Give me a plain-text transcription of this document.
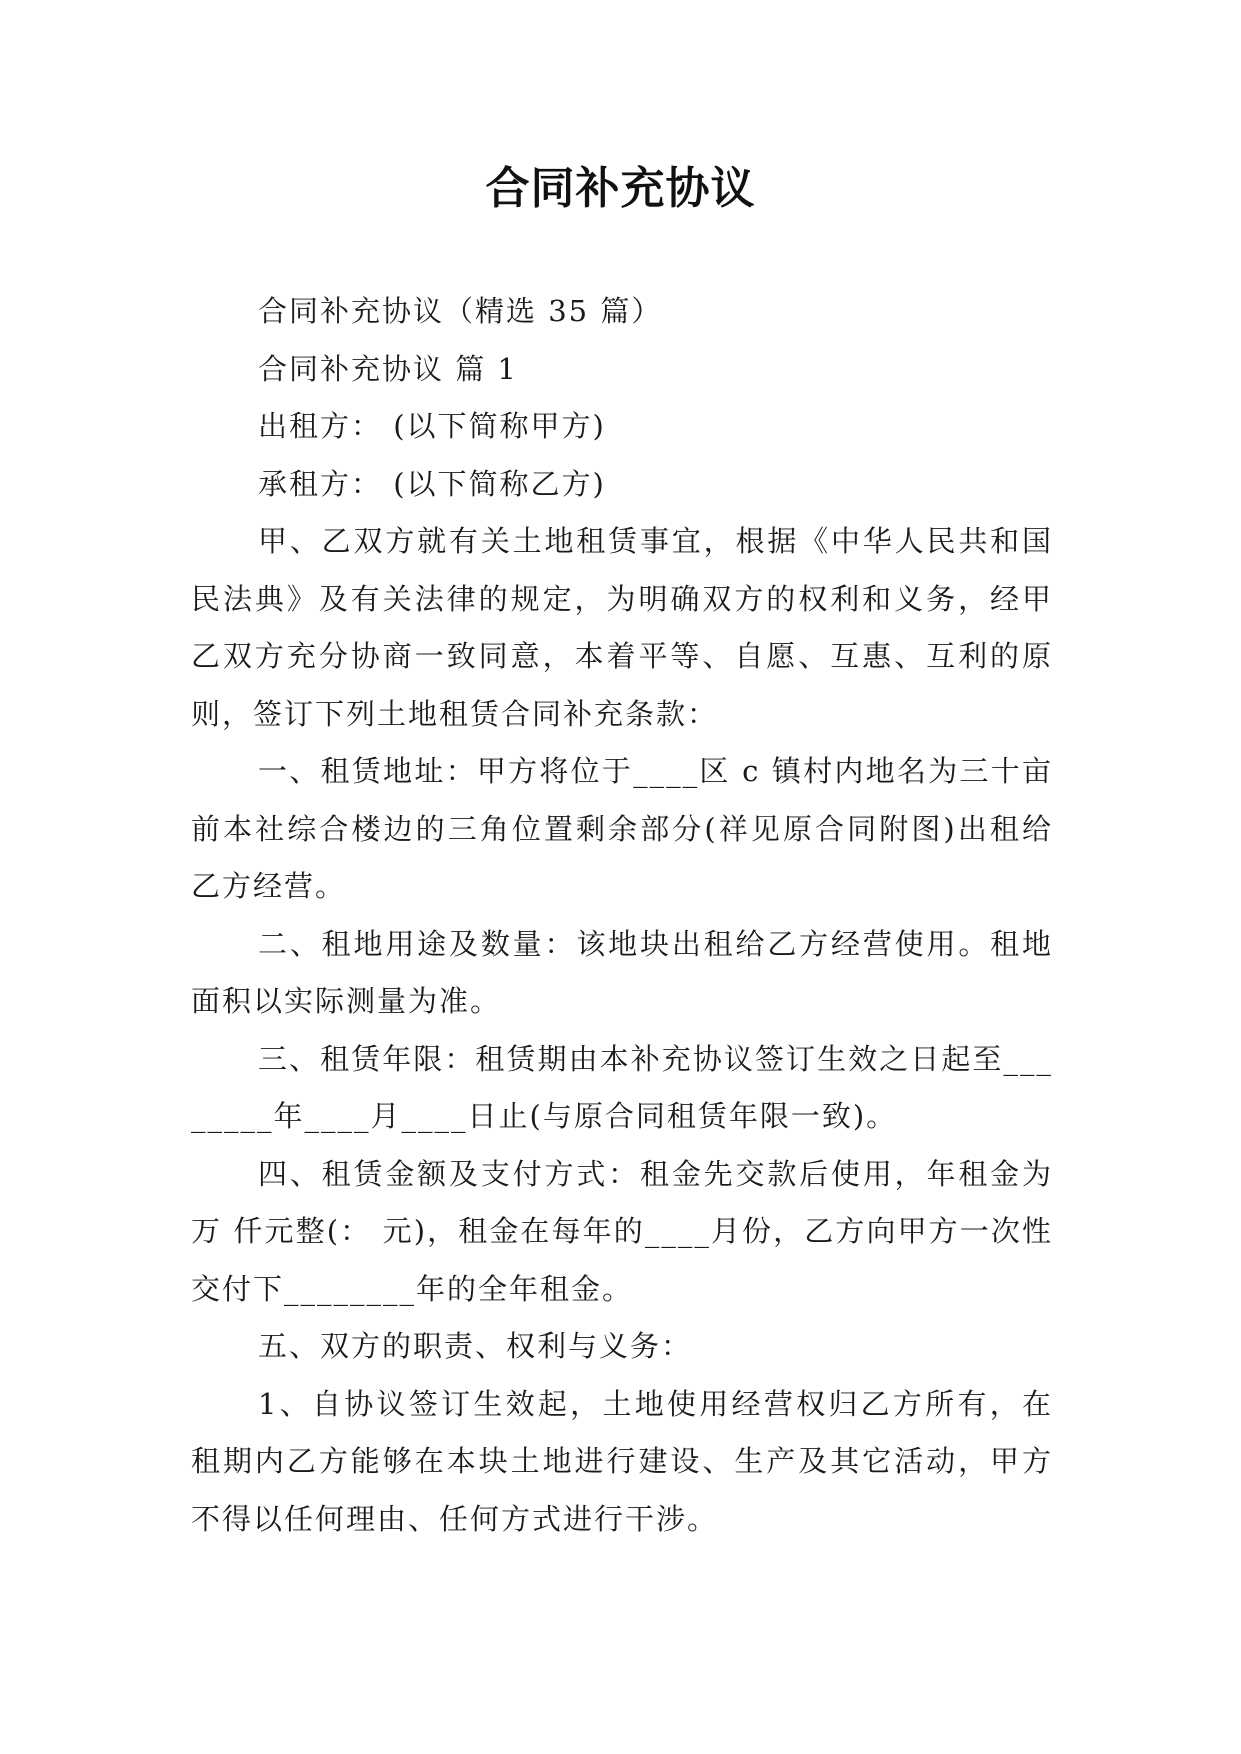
合同补充协议

合同补充协议（精选 35 篇）

合同补充协议 篇 1

出租方： (以下简称甲方)

承租方： (以下简称乙方)

甲、乙双方就有关土地租赁事宜，根据《中华人民共和国民法典》及有关法律的规定，为明确双方的权利和义务，经甲乙双方充分协商一致同意，本着平等、自愿、互惠、互利的原则，签订下列土地租赁合同补充条款：

一、租赁地址：甲方将位于____区 c 镇村内地名为三十亩前本社综合楼边的三角位置剩余部分(祥见原合同附图)出租给乙方经营。

二、租地用途及数量：该地块出租给乙方经营使用。租地面积以实际测量为准。

三、租赁年限：租赁期由本补充协议签订生效之日起至________年____月____日止(与原合同租赁年限一致)。

四、租赁金额及支付方式：租金先交款后使用，年租金为 万 仟元整(： 元)，租金在每年的____月份，乙方向甲方一次性交付下________年的全年租金。

五、双方的职责、权利与义务：

1、自协议签订生效起，土地使用经营权归乙方所有，在租期内乙方能够在本块土地进行建设、生产及其它活动，甲方不得以任何理由、任何方式进行干涉。
